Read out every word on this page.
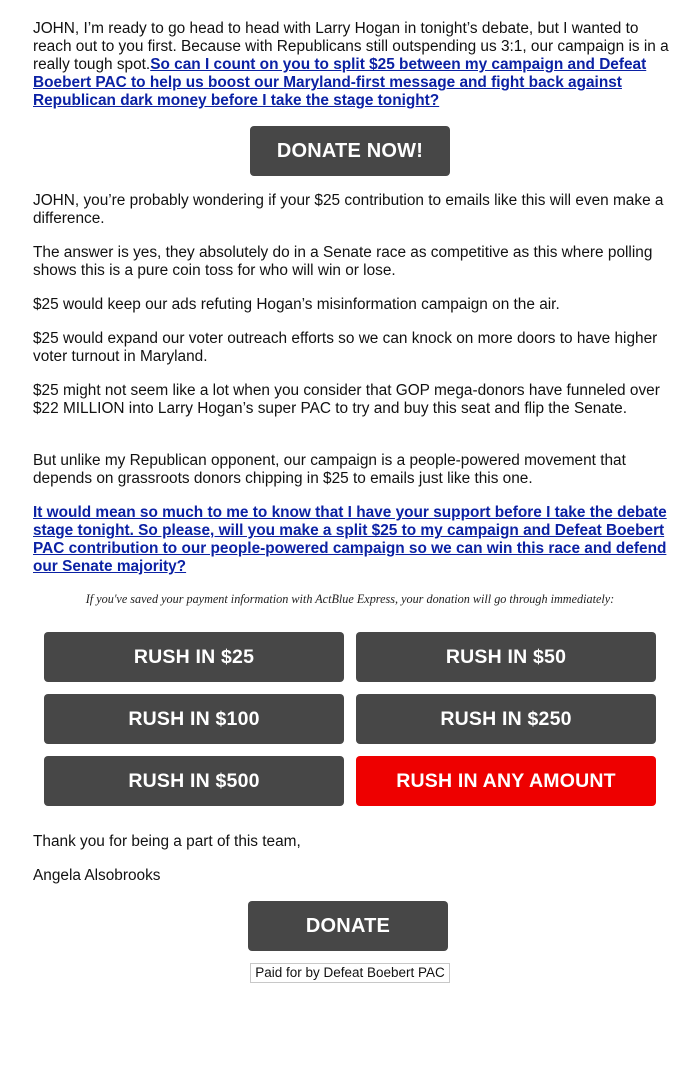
JOHN, I’m ready to go head to head with Larry Hogan in tonight’s debate, but I wanted to reach out to you first. Because with Republicans still outspending us 3:1, our campaign is in a really tough spot.So can I count on you to split $25 between my campaign and Defeat Boebert PAC to help us boost our Maryland-first message and fight back against Republican dark money before I take the stage tonight?

DONATE NOW!

JOHN, you’re probably wondering if your $25 contribution to emails like this will even make a difference.

The answer is yes, they absolutely do in a Senate race as competitive as this where polling shows this is a pure coin toss for who will win or lose.

$25 would keep our ads refuting Hogan’s misinformation campaign on the air.

$25 would expand our voter outreach efforts so we can knock on more doors to have higher voter turnout in Maryland.

$25 might not seem like a lot when you consider that GOP mega-donors have funneled over $22 MILLION into Larry Hogan’s super PAC to try and buy this seat and flip the Senate.

But unlike my Republican opponent, our campaign is a people-powered movement that depends on grassroots donors chipping in $25 to emails just like this one.

It would mean so much to me to know that I have your support before I take the debate stage tonight. So please, will you make a split $25 to my campaign and Defeat Boebert PAC contribution to our people-powered campaign so we can win this race and defend our Senate majority?

If you've saved your payment information with ActBlue Express, your donation will go through immediately:
RUSH IN $25	RUSH IN $50
RUSH IN $100	RUSH IN $250
RUSH IN $500	RUSH IN ANY AMOUNT

Thank you for being a part of this team,

Angela Alsobrooks

DONATE
Paid for by Defeat Boebert PAC
